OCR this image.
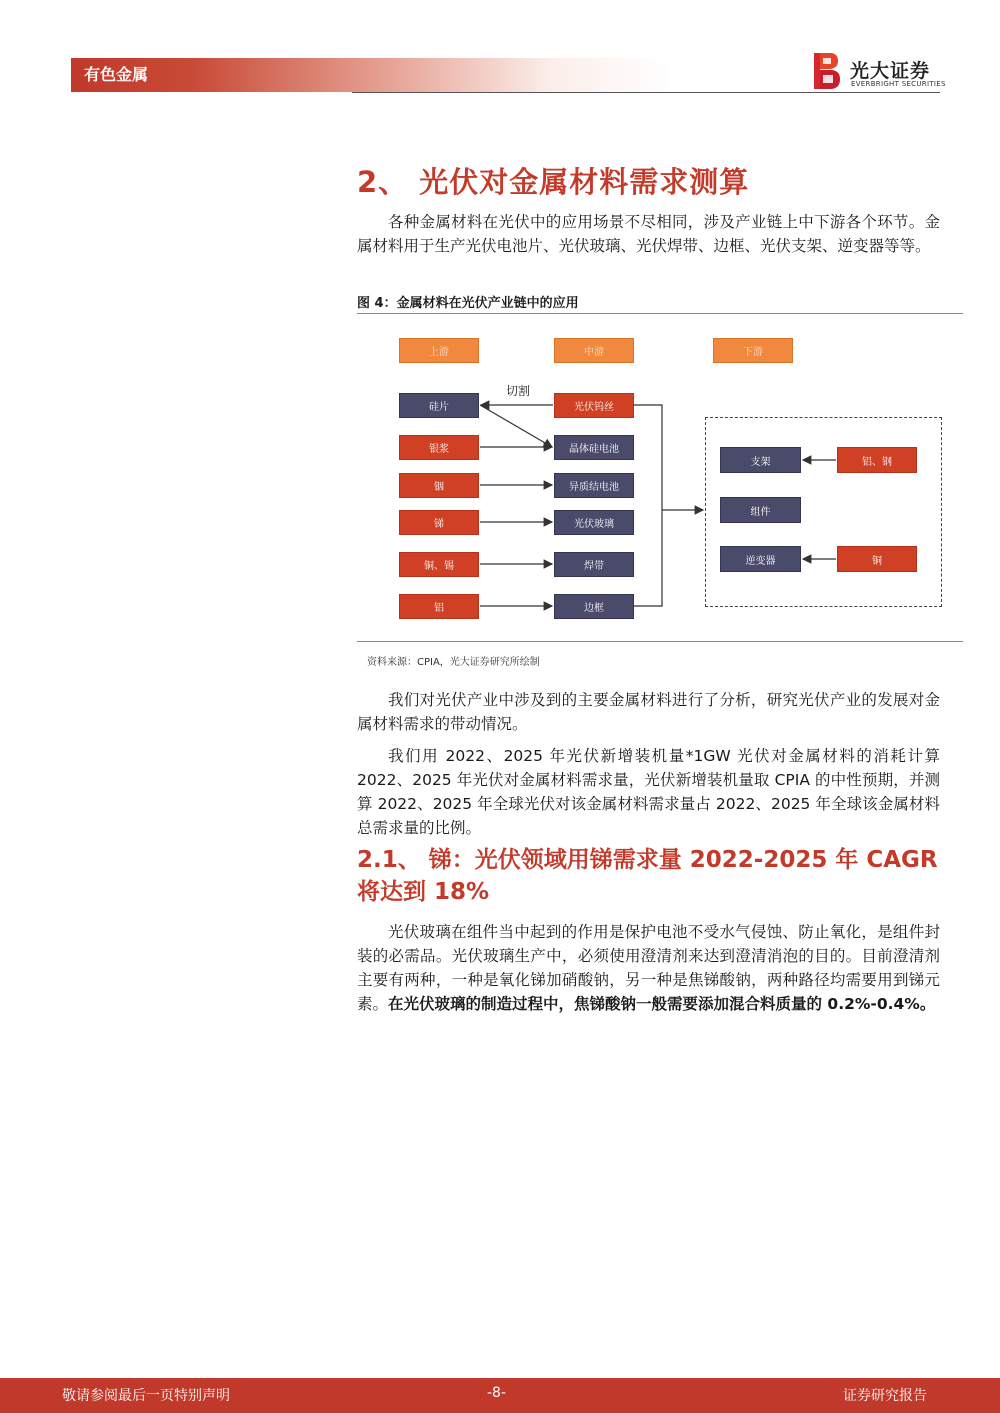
有色金属	光大证券
EVERBRIGHT SECURITIES
2、 光伏对金属材料需求测算
各种金属材料在光伏中的应用场景不尽相同，涉及产业链上中下游各个环节。金属材料用于生产光伏电池片、光伏玻璃、光伏焊带、边框、光伏支架、逆变器等等。
图 4：金属材料在光伏产业链中的应用
上游	中游	下游
切割
硅片
银浆
铟
锑
铜、锡
铝
光伏钨丝
晶体硅电池
异质结电池
光伏玻璃
焊带
边框
支架
组件
逆变器
铝、钢
铜
资料来源：CPIA，光大证券研究所绘制
我们对光伏产业中涉及到的主要金属材料进行了分析，研究光伏产业的发展对金属材料需求的带动情况。
我们用 2022、2025 年光伏新增装机量*1GW 光伏对金属材料的消耗计算 2022、2025 年光伏对金属材料需求量，光伏新增装机量取 CPIA 的中性预期，并测算 2022、2025 年全球光伏对该金属材料需求量占 2022、2025 年全球该金属材料总需求量的比例。
2.1、 锑：光伏领域用锑需求量 2022-2025 年 CAGR 将达到 18%
光伏玻璃在组件当中起到的作用是保护电池不受水气侵蚀、防止氧化，是组件封装的必需品。光伏玻璃生产中，必须使用澄清剂来达到澄清消泡的目的。目前澄清剂主要有两种，一种是氧化锑加硝酸钠，另一种是焦锑酸钠，两种路径均需要用到锑元素。在光伏玻璃的制造过程中，焦锑酸钠一般需要添加混合料质量的 0.2%-0.4%。
敬请参阅最后一页特别声明	-8-	证券研究报告
